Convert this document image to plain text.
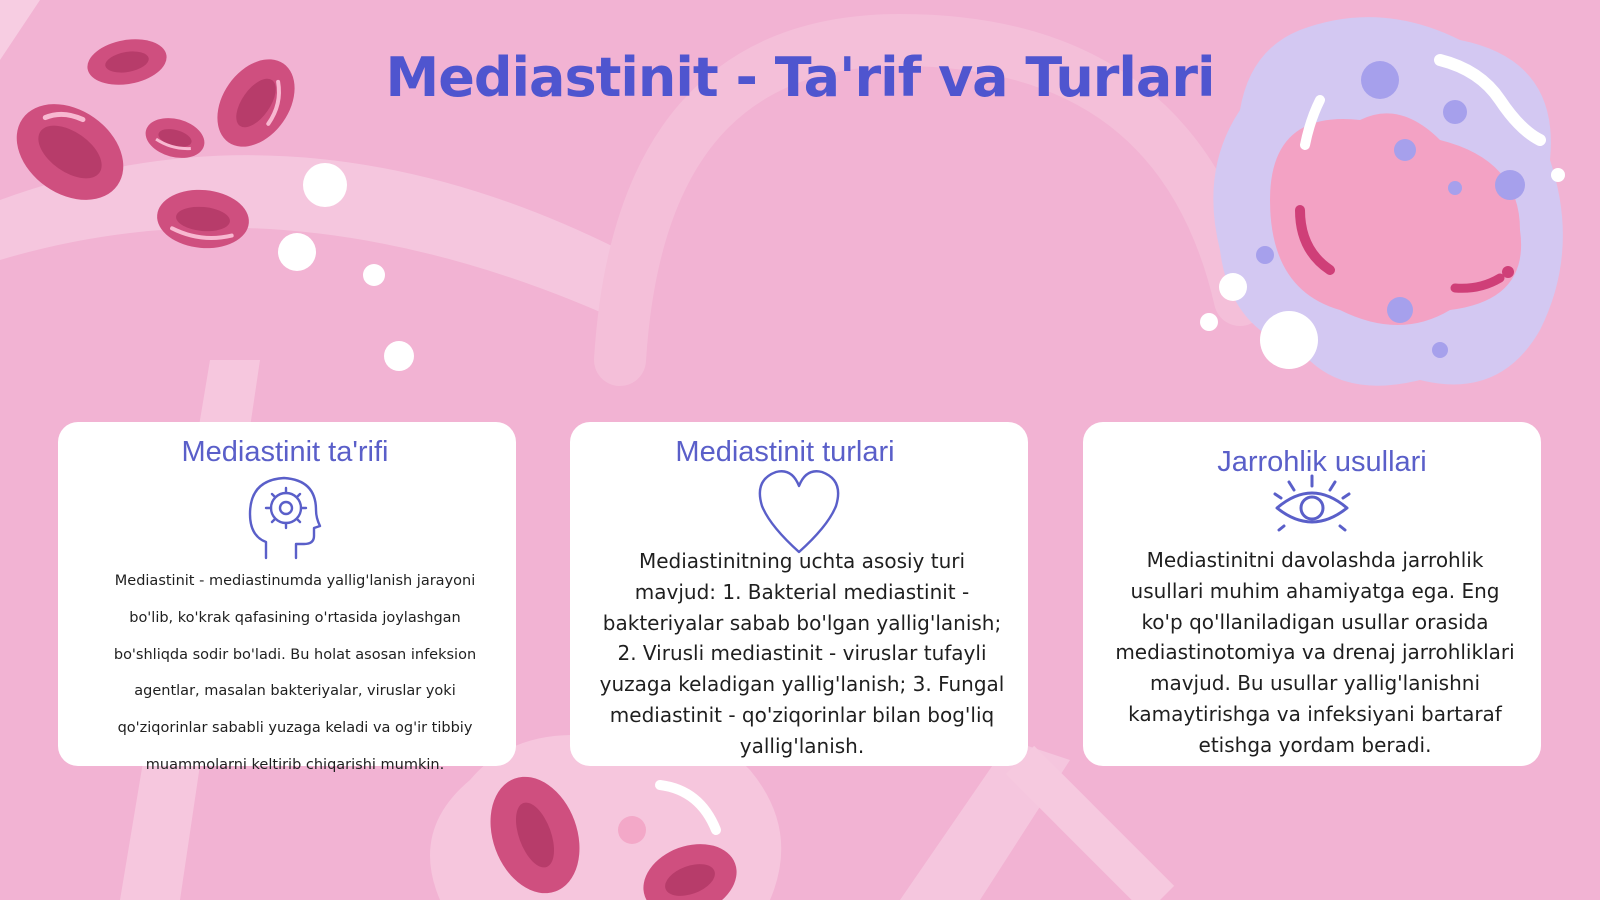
Mediastinit - Ta'rif va Turlari
Mediastinit ta'rifi
Mediastinit - mediastinumda yallig'lanish jarayoni bo'lib, ko'krak qafasining o'rtasida joylashgan bo'shliqda sodir bo'ladi. Bu holat asosan infeksion agentlar, masalan bakteriyalar, viruslar yoki qo'ziqorinlar sababli yuzaga keladi va og'ir tibbiy muammolarni keltirib chiqarishi mumkin.
Mediastinit turlari
Mediastinitning uchta asosiy turi mavjud: 1. Bakterial mediastinit - bakteriyalar sabab bo'lgan yallig'lanish; 2. Virusli mediastinit - viruslar tufayli yuzaga keladigan yallig'lanish; 3. Fungal mediastinit - qo'ziqorinlar bilan bog'liq yallig'lanish.
Jarrohlik usullari
Mediastinitni davolashda jarrohlik usullari muhim ahamiyatga ega. Eng ko'p qo'llaniladigan usullar orasida mediastinotomiya va drenaj jarrohliklari mavjud. Bu usullar yallig'lanishni kamaytirishga va infeksiyani bartaraf etishga yordam beradi.
